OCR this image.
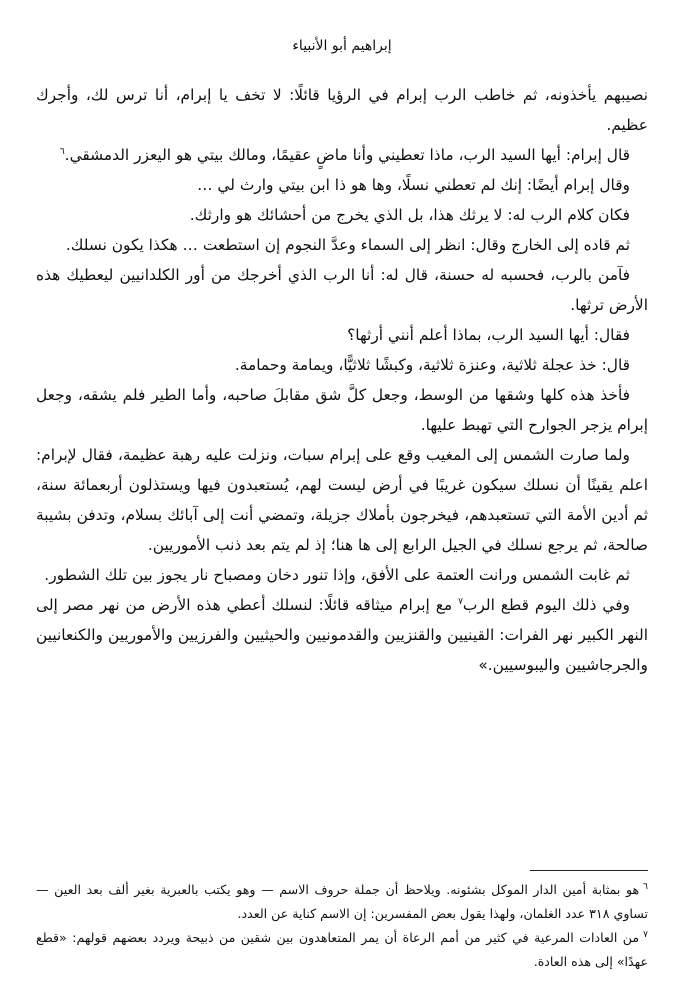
إبراهيم أبو الأنبياء

نصيبهم يأخذونه، ثم خاطب الرب إبرام في الرؤيا قائلًا: لا تخف يا إبرام، أنا ترس لك، وأجرك عظيم.

قال إبرام: أيها السيد الرب، ماذا تعطيني وأنا ماضٍ عقيمًا، ومالك بيتي هو اليعزر الدمشقي.$^٦$

وقال إبرام أيضًا: إنك لم تعطني نسلًا، وها هو ذا ابن بيتي وارث لي …

فكان كلام الرب له: لا يرثك هذا، بل الذي يخرج من أحشائك هو وارثك.

ثم قاده إلى الخارج وقال: انظر إلى السماء وعدَّ النجوم إن استطعت … هكذا يكون نسلك.

فآمن بالرب، فحسبه له حسنة، قال له: أنا الرب الذي أخرجك من أور الكلدانيين ليعطيك هذه الأرض ترثها.

فقال: أيها السيد الرب، بماذا أعلم أنني أرثها؟

قال: خذ عجلة ثلاثية، وعنزة ثلاثية، وكبشًا ثلاثيًّا، ويمامة وحمامة.

فأخذ هذه كلها وشقها من الوسط، وجعل كلَّ شق مقابلَ صاحبه، وأما الطير فلم يشقه، وجعل إبرام يزجر الجوارح التي تهبط عليها.

ولما صارت الشمس إلى المغيب وقع على إبرام سبات، ونزلت عليه رهبة عظيمة، فقال لإبرام: اعلم يقينًا أن نسلك سيكون غريبًا في أرض ليست لهم، يُستعبدون فيها ويستذلون أربعمائة سنة، ثم أدين الأمة التي تستعبدهم، فيخرجون بأملاك جزيلة، وتمضي أنت إلى آبائك بسلام، وتدفن بشيبة صالحة، ثم يرجع نسلك في الجيل الرابع إلى ها هنا؛ إذ لم يتم بعد ذنب الأموريين.

ثم غابت الشمس ورانت العتمة على الأفق، وإذا تنور دخان ومصباح نار يجوز بين تلك الشطور.

وفي ذلك اليوم قطع الرب$^٧$ مع إبرام ميثاقه قائلًا: لنسلك أعطي هذه الأرض من نهر مصر إلى النهر الكبير نهر الفرات: القينيين والقنزيين والقدمونيين والحيثيين والفرزيين والأموريين والكنعانيين والجرجاشيين واليبوسيين.»

$^٦$هو بمثابة أمين الدار الموكل بشئونه. ويلاحظ أن جملة حروف الاسم — وهو يكتب بالعبرية بغير ألف بعد العين — تساوي ٣١٨ عدد الغلمان، ولهذا يقول بعض المفسرين: إن الاسم كناية عن العدد.

$^٧$من العادات المرعية في كثير من أمم الرعاة أن يمر المتعاهدون بين شقين من ذبيحة ويردد بعضهم قولهم: «قطع عهدًا» إلى هذه العادة.
